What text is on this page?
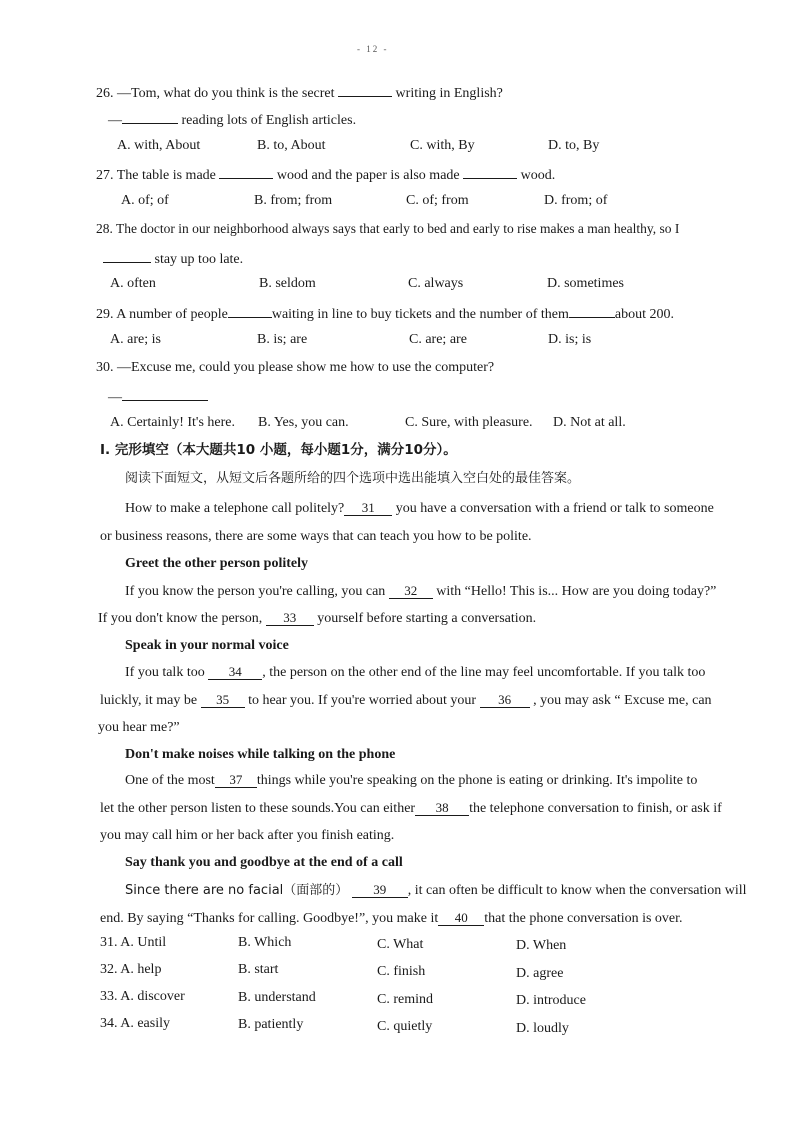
- 12 -
26. —Tom, what do you think is the secret	writing in English?
—	reading lots of English articles.
A. with, About	B. to, About	C. with, By	D. to, By
27. The table is made	wood and the paper is also made	wood.
A. of; of	B. from; from	C. of; from	D. from; of
28. The doctor in our neighborhood always says that early to bed and early to rise makes a man healthy, so I
stay up too late.
A. often	B. seldom	C. always	D. sometimes
29. A number of people	waiting in line to buy tickets and the number of them	about 200.
A. are; is	B. is; are	C. are; are	D. is; is
30. —Excuse me, could you please show me how to use the computer?
—
A. Certainly! It's here. B. Yes, you can.	C. Sure, with pleasure. D. Not at all.
Ⅰ. 完形填空（本大题共10 小题，每小题1分，满分10分）。
阅读下面短文，从短文后各题所给的四个选项中选出能填入空白处的最佳答案。
How to make a telephone call politely? 31 you have a conversation with a friend or talk to someone
or business reasons, there are some ways that can teach you how to be polite.
Greet the other person politely
If you know the person you're calling, you can 32 with “Hello! This is... How are you doing today?”
If you don't know the person, 33 yourself before starting a conversation.
Speak in your normal voice
If you talk too 34 , the person on the other end of the line may feel uncomfortable. If you talk too
luickly, it may be 35 to hear you. If you're worried about your 36 , you may ask “ Excuse me, can
you hear me?”
Don't make noises while talking on the phone
One of the most 37 things while you're speaking on the phone is eating or drinking. It's impolite to
let the other person listen to these sounds.You can either 38 the telephone conversation to finish, or ask if
you may call him or her back after you finish eating.
Say thank you and goodbye at the end of a call
Since there are no facial（面部的） 39 , it can often be difficult to know when the conversation will
end. By saying “Thanks for calling. Goodbye!”, you make it 40 that the phone conversation is over.
31. A. Until	B. Which	C. What	D. When
32. A. help	B. start	C. finish	D. agree
33. A. discover	B. understand	C. remind	D. introduce
34. A. easily	B. patiently	C. quietly	D. loudly
